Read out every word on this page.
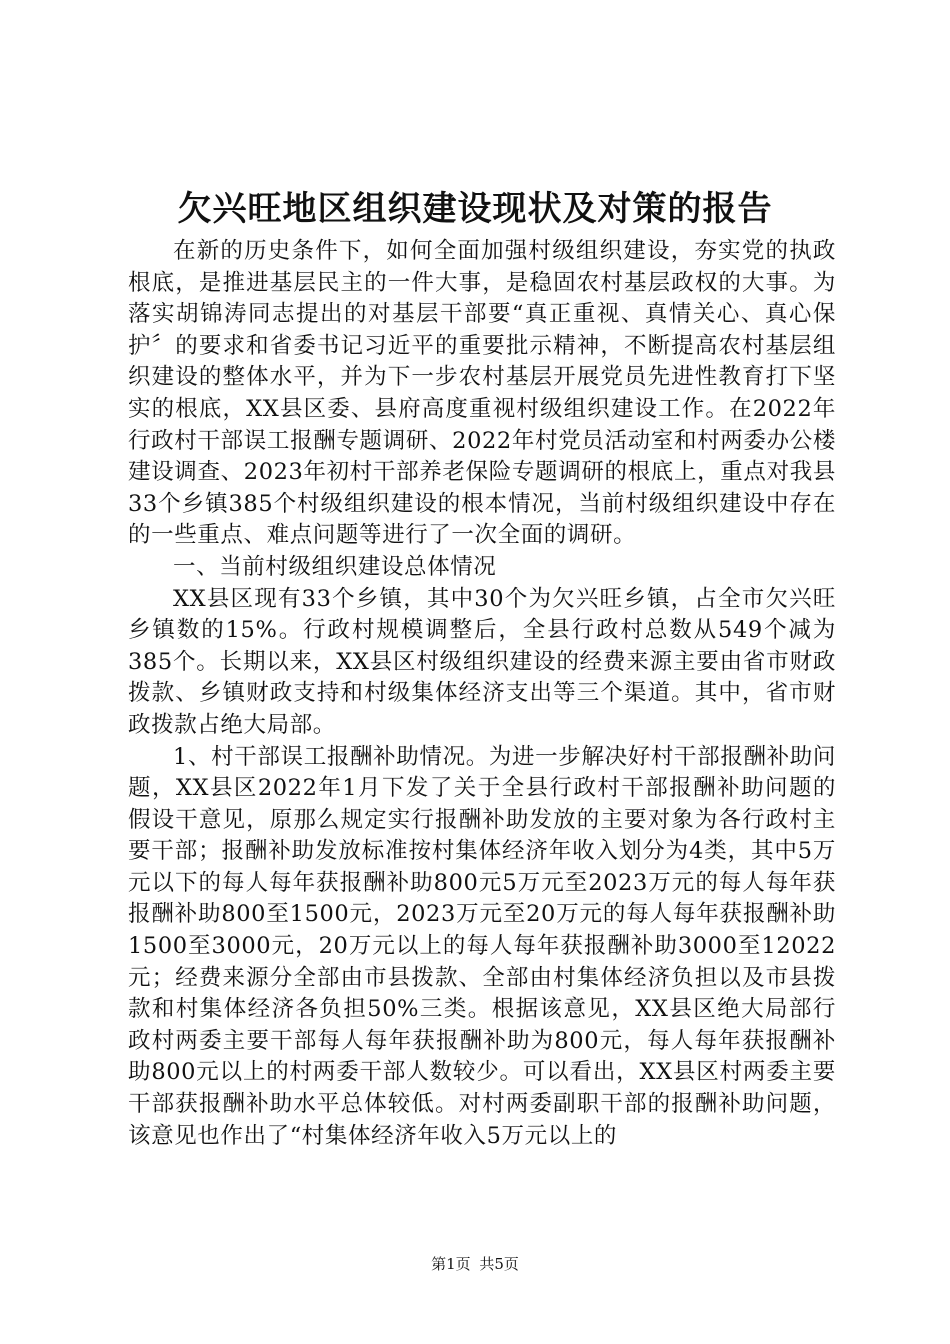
欠兴旺地区组织建设现状及对策的报告

在新的历史条件下，如何全面加强村级组织建设，夯实党的执政根底，是推进基层民主的一件大事，是稳固农村基层政权的大事。为落实胡锦涛同志提出的对基层干部要“真正重视、真情关心、真心保护〞的要求和省委书记习近平的重要批示精神，不断提高农村基层组织建设的整体水平，并为下一步农村基层开展党员先进性教育打下坚实的根底，XX县区委、县府高度重视村级组织建设工作。在2022年行政村干部误工报酬专题调研、2022年村党员活动室和村两委办公楼建设调查、2023年初村干部养老保险专题调研的根底上，重点对我县33个乡镇385个村级组织建设的根本情况，当前村级组织建设中存在的一些重点、难点问题等进行了一次全面的调研。

一、当前村级组织建设总体情况

XX县区现有33个乡镇，其中30个为欠兴旺乡镇，占全市欠兴旺乡镇数的15%。行政村规模调整后，全县行政村总数从549个减为385个。长期以来，XX县区村级组织建设的经费来源主要由省市财政拨款、乡镇财政支持和村级集体经济支出等三个渠道。其中，省市财政拨款占绝大局部。

1、村干部误工报酬补助情况。为进一步解决好村干部报酬补助问题，XX县区2022年1月下发了关于全县行政村干部报酬补助问题的假设干意见，原那么规定实行报酬补助发放的主要对象为各行政村主要干部；报酬补助发放标准按村集体经济年收入划分为4类，其中5万元以下的每人每年获报酬补助800元5万元至2023万元的每人每年获报酬补助800至1500元，2023万元至20万元的每人每年获报酬补助1500至3000元，20万元以上的每人每年获报酬补助3000至12022元；经费来源分全部由市县拨款、全部由村集体经济负担以及市县拨款和村集体经济各负担50%三类。根据该意见，XX县区绝大局部行政村两委主要干部每人每年获报酬补助为800元，每人每年获报酬补助800元以上的村两委干部人数较少。可以看出，XX县区村两委主要干部获报酬补助水平总体较低。对村两委副职干部的报酬补助问题，该意见也作出了“村集体经济年收入5万元以上的

第1页 共5页
